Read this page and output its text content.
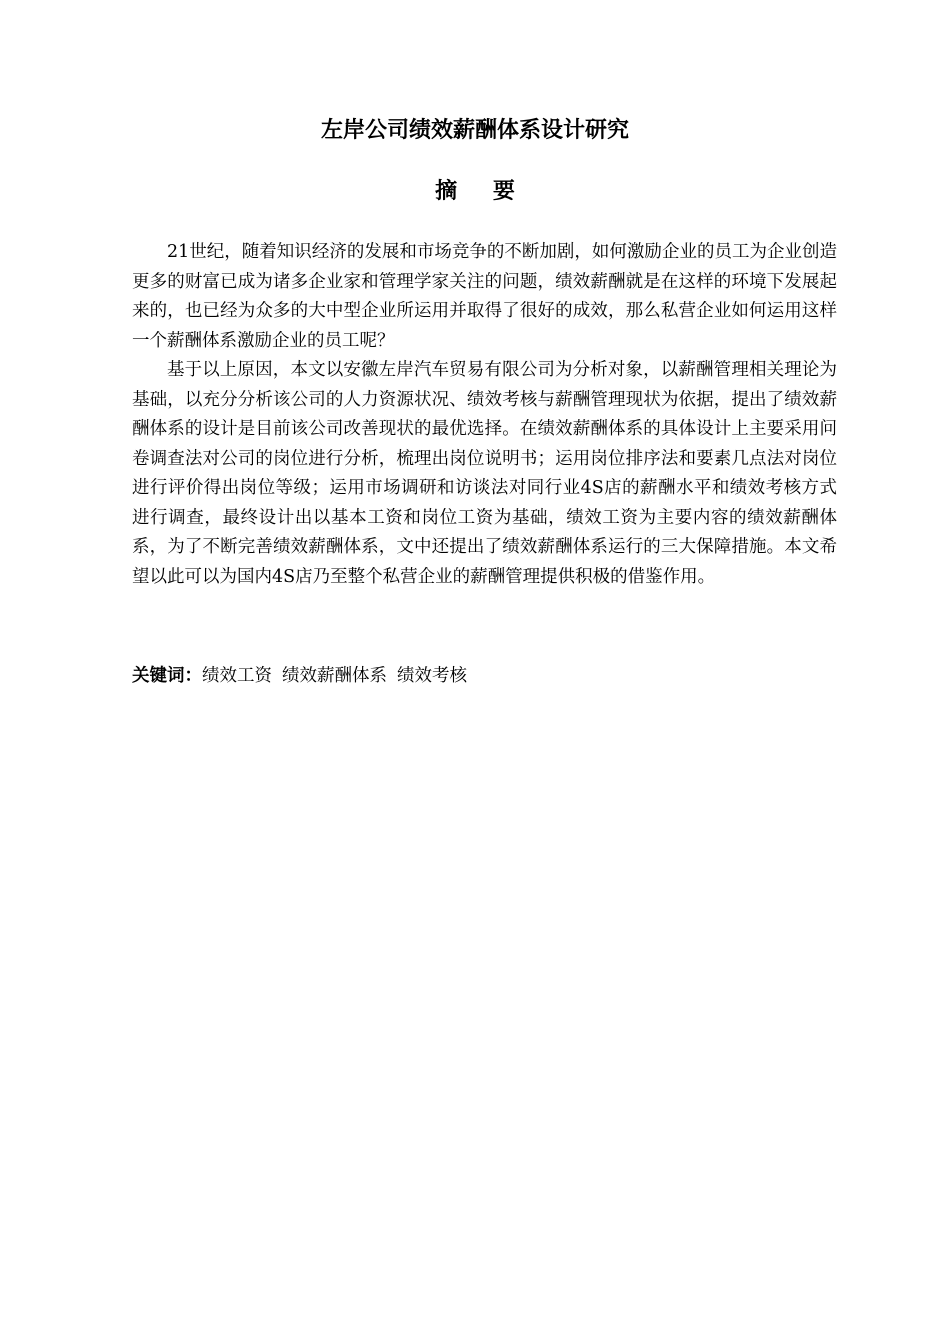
左岸公司绩效薪酬体系设计研究
摘 要

21世纪，随着知识经济的发展和市场竞争的不断加剧，如何激励企业的员工为企业创造更多的财富已成为诸多企业家和管理学家关注的问题，绩效薪酬就是在这样的环境下发展起来的，也已经为众多的大中型企业所运用并取得了很好的成效，那么私营企业如何运用这样一个薪酬体系激励企业的员工呢？

基于以上原因，本文以安徽左岸汽车贸易有限公司为分析对象，以薪酬管理相关理论为基础，以充分分析该公司的人力资源状况、绩效考核与薪酬管理现状为依据，提出了绩效薪酬体系的设计是目前该公司改善现状的最优选择。在绩效薪酬体系的具体设计上主要采用问卷调查法对公司的岗位进行分析，梳理出岗位说明书；运用岗位排序法和要素几点法对岗位进行评价得出岗位等级；运用市场调研和访谈法对同行业4S店的薪酬水平和绩效考核方式进行调查，最终设计出以基本工资和岗位工资为基础，绩效工资为主要内容的绩效薪酬体系，为了不断完善绩效薪酬体系，文中还提出了绩效薪酬体系运行的三大保障措施。本文希望以此可以为国内4S店乃至整个私营企业的薪酬管理提供积极的借鉴作用。

关键词：绩效工资 绩效薪酬体系 绩效考核
